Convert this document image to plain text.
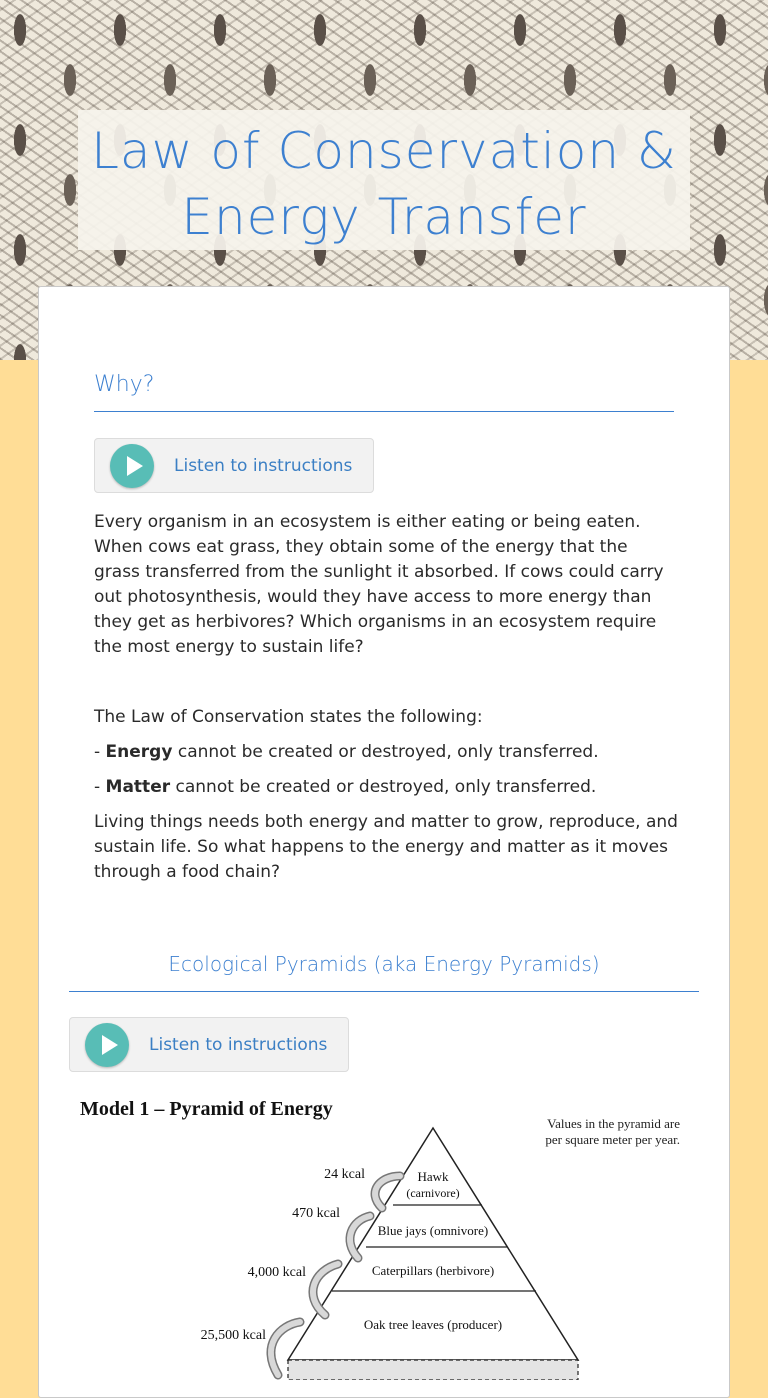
Law of Conservation &
Energy Transfer
Why?
Listen to instructions

Every organism in an ecosystem is either eating or being eaten. When cows eat grass, they obtain some of the energy that the grass transferred from the sunlight it absorbed. If cows could carry out photosynthesis, would they have access to more energy than they get as herbivores? Which organisms in an ecosystem require the most energy to sustain life?

The Law of Conservation states the following:

- Energy cannot be created or destroyed, only transferred.

- Matter cannot be created or destroyed, only transferred.

Living things needs both energy and matter to grow, reproduce, and sustain life. So what happens to the energy and matter as it moves through a food chain?

Ecological Pyramids (aka Energy Pyramids)
Listen to instructions
Model 1 – Pyramid of Energy
Values in the pyramid are
per square meter per year.
Hawk
(carnivore)
Blue jays (omnivore)
Caterpillars (herbivore)
Oak tree leaves (producer)
24 kcal
470 kcal
4,000 kcal
25,500 kcal
